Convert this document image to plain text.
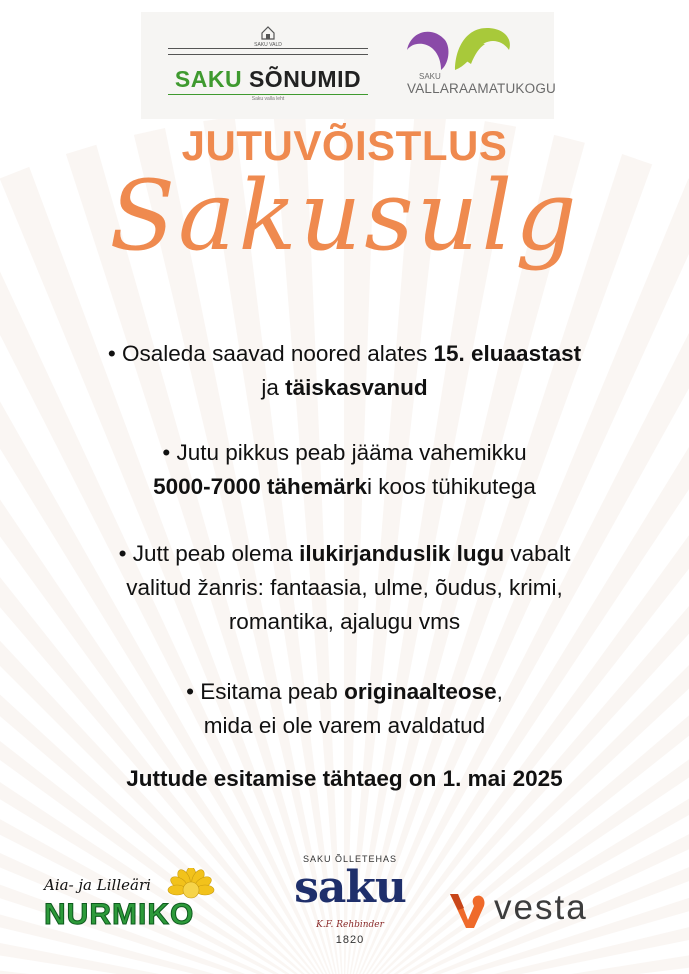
SAKU VALD
SAKU SÕNUMID
Saku valla leht
SAKU
VALLARAAMATUKOGU
JUTUVÕISTLUS
Sakusulg
• Osaleda saavad noored alates 15. eluaastast
ja täiskasvanud
• Jutu pikkus peab jääma vahemikku
5000-7000 tähemärki koos tühikutega
• Jutt peab olema ilukirjanduslik lugu vabalt
valitud žanris: fantaasia, ulme, õudus, krimi,
romantika, ajalugu vms
• Esitama peab originaalteose,
mida ei ole varem avaldatud
Juttude esitamise tähtaeg on 1. mai 2025
Aia- ja Lilleäri
NURMIKO
SAKU ÕLLETEHAS
saku
K.F. Rehbinder
1820
vesta
